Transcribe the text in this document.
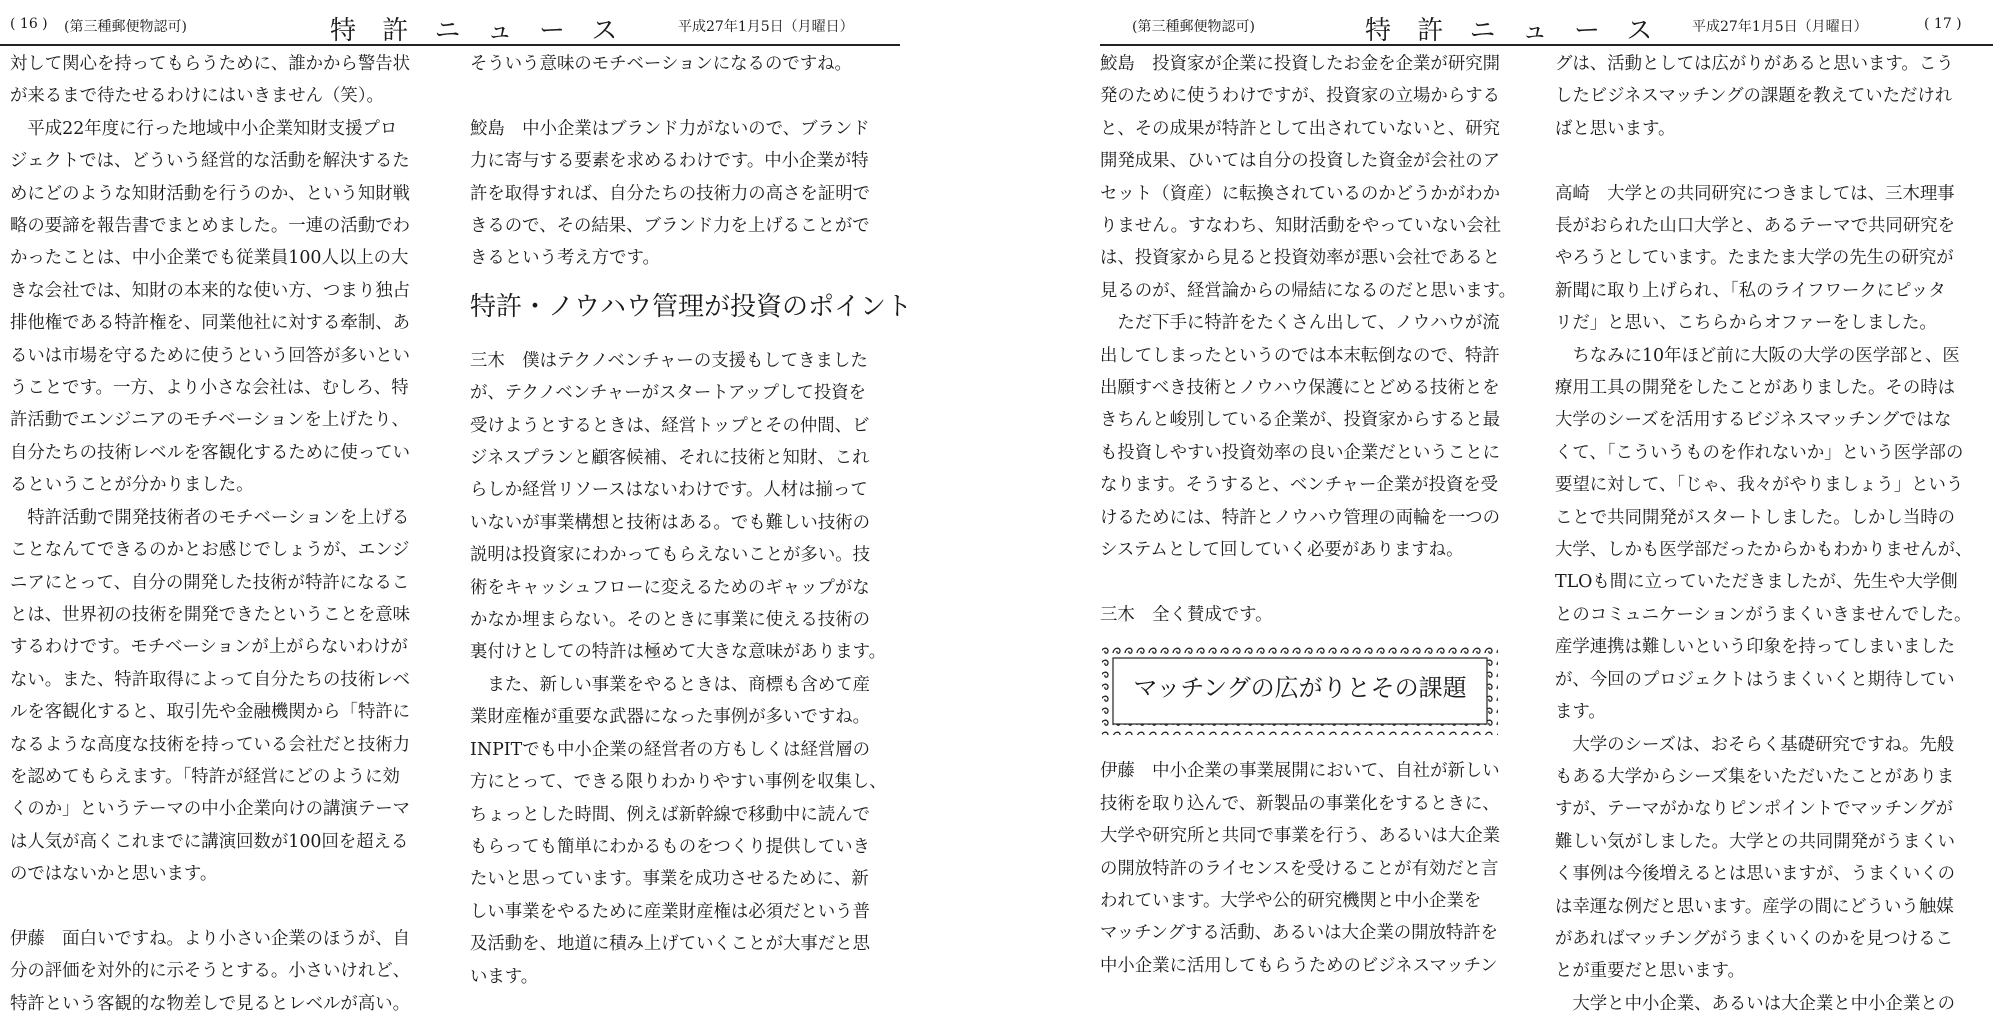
( 16 ) (第三種郵便物認可)	特 許 ニ ュ ー ス	平成27年1月5日（月曜日）

対して関心を持ってもらうために、誰かから警告状

が来るまで待たせるわけにはいきません（笑）。

　平成22年度に行った地域中小企業知財支援プロ

ジェクトでは、どういう経営的な活動を解決するた

めにどのような知財活動を行うのか、という知財戦

略の要諦を報告書でまとめました。一連の活動でわ

かったことは、中小企業でも従業員100人以上の大

きな会社では、知財の本来的な使い方、つまり独占

排他権である特許権を、同業他社に対する牽制、あ

るいは市場を守るために使うという回答が多いとい

うことです。一方、より小さな会社は、むしろ、特

許活動でエンジニアのモチベーションを上げたり、

自分たちの技術レベルを客観化するために使ってい

るということが分かりました。

　特許活動で開発技術者のモチベーションを上げる

ことなんてできるのかとお感じでしょうが、エンジ

ニアにとって、自分の開発した技術が特許になるこ

とは、世界初の技術を開発できたということを意味

するわけです。モチベーションが上がらないわけが

ない。また、特許取得によって自分たちの技術レベ

ルを客観化すると、取引先や金融機関から「特許に

なるような高度な技術を持っている会社だと技術力

を認めてもらえます。「特許が経営にどのように効

くのか」というテーマの中小企業向けの講演テーマ

は人気が高くこれまでに講演回数が100回を超える

のではないかと思います。

伊藤　面白いですね。より小さい企業のほうが、自

分の評価を対外的に示そうとする。小さいけれど、

特許という客観的な物差しで見るとレベルが高い。

そういう意味のモチベーションになるのですね。

鮫島　中小企業はブランド力がないので、ブランド

力に寄与する要素を求めるわけです。中小企業が特

許を取得すれば、自分たちの技術力の高さを証明で

きるので、その結果、ブランド力を上げることがで

きるという考え方です。

特許・ノウハウ管理が投資のポイント

三木　僕はテクノベンチャーの支援もしてきました

が、テクノベンチャーがスタートアップして投資を

受けようとするときは、経営トップとその仲間、ビ

ジネスプランと顧客候補、それに技術と知財、これ

らしか経営リソースはないわけです。人材は揃って

いないが事業構想と技術はある。でも難しい技術の

説明は投資家にわかってもらえないことが多い。技

術をキャッシュフローに変えるためのギャップがな

かなか埋まらない。そのときに事業に使える技術の

裏付けとしての特許は極めて大きな意味があります。

　また、新しい事業をやるときは、商標も含めて産

業財産権が重要な武器になった事例が多いですね。

INPITでも中小企業の経営者の方もしくは経営層の

方にとって、できる限りわかりやすい事例を収集し、

ちょっとした時間、例えば新幹線で移動中に読んで

もらっても簡単にわかるものをつくり提供していき

たいと思っています。事業を成功させるために、新

しい事業をやるために産業財産権は必須だという普

及活動を、地道に積み上げていくことが大事だと思

います。

(第三種郵便物認可)	特 許 ニ ュ ー ス 平成27年1月5日（月曜日）	( 17 )

鮫島　投資家が企業に投資したお金を企業が研究開

発のために使うわけですが、投資家の立場からする

と、その成果が特許として出されていないと、研究

開発成果、ひいては自分の投資した資金が会社のア

セット（資産）に転換されているのかどうかがわか

りません。すなわち、知財活動をやっていない会社

は、投資家から見ると投資効率が悪い会社であると

見るのが、経営論からの帰結になるのだと思います。

　ただ下手に特許をたくさん出して、ノウハウが流

出してしまったというのでは本末転倒なので、特許

出願すべき技術とノウハウ保護にとどめる技術とを

きちんと峻別している企業が、投資家からすると最

も投資しやすい投資効率の良い企業だということに

なります。そうすると、ベンチャー企業が投資を受

けるためには、特許とノウハウ管理の両輪を一つの

システムとして回していく必要がありますね。

三木　全く賛成です。

マッチングの広がりとその課題

伊藤　中小企業の事業展開において、自社が新しい

技術を取り込んで、新製品の事業化をするときに、

大学や研究所と共同で事業を行う、あるいは大企業

の開放特許のライセンスを受けることが有効だと言

われています。大学や公的研究機関と中小企業を

マッチングする活動、あるいは大企業の開放特許を

中小企業に活用してもらうためのビジネスマッチン

グは、活動としては広がりがあると思います。こう

したビジネスマッチングの課題を教えていただけれ

ばと思います。

高崎　大学との共同研究につきましては、三木理事

長がおられた山口大学と、あるテーマで共同研究を

やろうとしています。たまたま大学の先生の研究が

新聞に取り上げられ、「私のライフワークにピッタ

リだ」と思い、こちらからオファーをしました。

　ちなみに10年ほど前に大阪の大学の医学部と、医

療用工具の開発をしたことがありました。その時は

大学のシーズを活用するビジネスマッチングではな

くて、「こういうものを作れないか」という医学部の

要望に対して、「じゃ、我々がやりましょう」という

ことで共同開発がスタートしました。しかし当時の

大学、しかも医学部だったからかもわかりませんが、

TLOも間に立っていただきましたが、先生や大学側

とのコミュニケーションがうまくいきませんでした。

産学連携は難しいという印象を持ってしまいました

が、今回のプロジェクトはうまくいくと期待してい

ます。

　大学のシーズは、おそらく基礎研究ですね。先般

もある大学からシーズ集をいただいたことがありま

すが、テーマがかなりピンポイントでマッチングが

難しい気がしました。大学との共同開発がうまくい

く事例は今後増えるとは思いますが、うまくいくの

は幸運な例だと思います。産学の間にどういう触媒

があればマッチングがうまくいくのかを見つけるこ

とが重要だと思います。

　大学と中小企業、あるいは大企業と中小企業との
